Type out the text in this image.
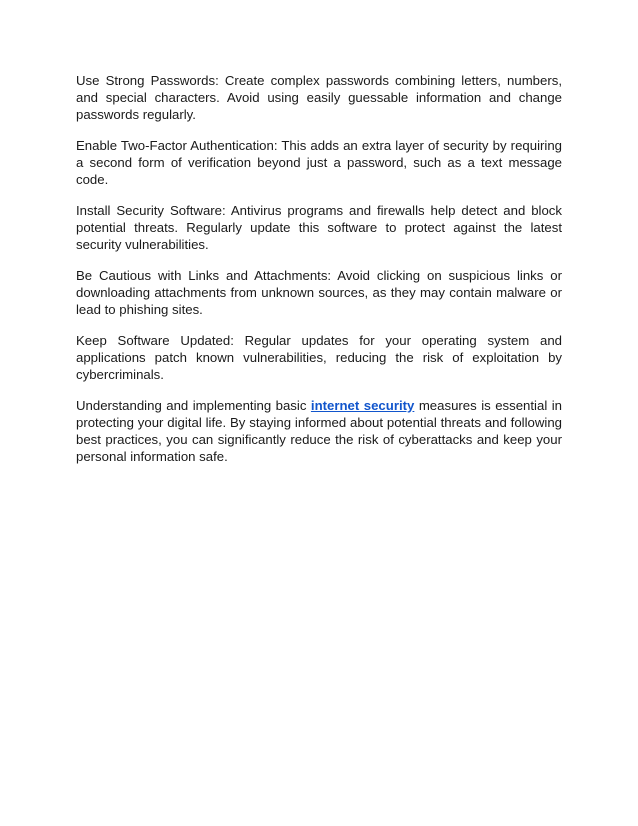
Use Strong Passwords: Create complex passwords combining letters, numbers, and special characters. Avoid using easily guessable information and change passwords regularly.

Enable Two-Factor Authentication: This adds an extra layer of security by requiring a second form of verification beyond just a password, such as a text message code.

Install Security Software: Antivirus programs and firewalls help detect and block potential threats. Regularly update this software to protect against the latest security vulnerabilities.

Be Cautious with Links and Attachments: Avoid clicking on suspicious links or downloading attachments from unknown sources, as they may contain malware or lead to phishing sites.

Keep Software Updated: Regular updates for your operating system and applications patch known vulnerabilities, reducing the risk of exploitation by cybercriminals.

Understanding and implementing basic internet security measures is essential in protecting your digital life. By staying informed about potential threats and following best practices, you can significantly reduce the risk of cyberattacks and keep your personal information safe.
